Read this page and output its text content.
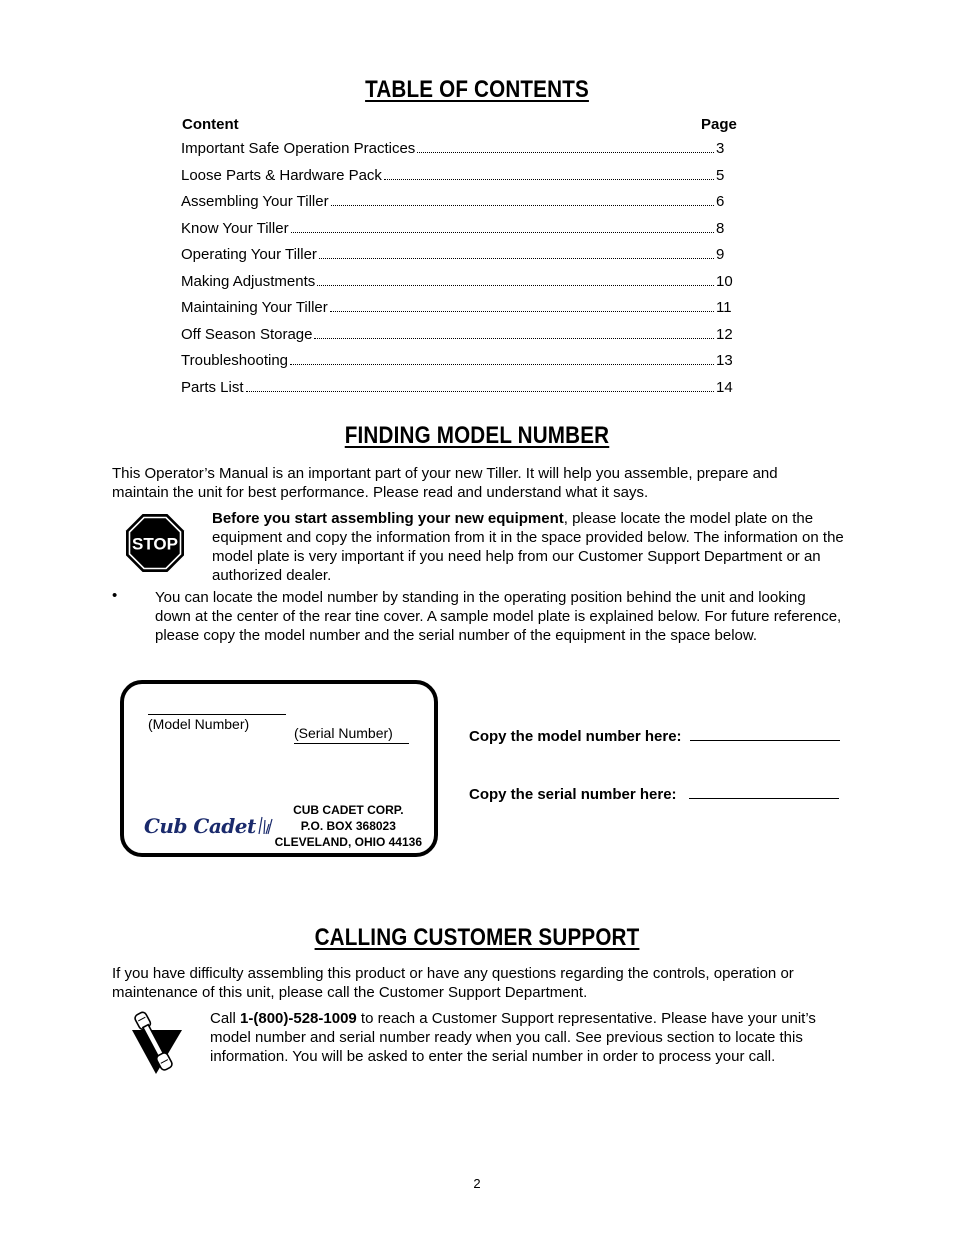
TABLE OF CONTENTS
Content	Page
Important Safe Operation Practices	3
Loose Parts & Hardware Pack	5
Assembling Your Tiller	6
Know Your Tiller	8
Operating Your Tiller	9
Making Adjustments	10
Maintaining Your Tiller	11
Off Season Storage	12
Troubleshooting	13
Parts List	14
FINDING MODEL NUMBER

This Operator’s Manual is an important part of your new Tiller. It will help you assemble, prepare and maintain the unit for best performance. Please read and understand what it says.

STOP

Before you start assembling your new equipment, please locate the model plate on the equipment and copy the information from it in the space provided below. The information on the model plate is very important if you need help from our Customer Support Department or an authorized dealer.

•	You can locate the model number by standing in the operating position behind the unit and looking down at the center of the rear tine cover. A sample model plate is explained below. For future reference, please copy the model number and the serial number of the equipment in the space below.

(Model Number)
(Serial Number)
Cub Cadet
CUB CADET CORP.
P.O. BOX 368023
CLEVELAND, OHIO 44136
Copy the model number here:
Copy the serial number here:
CALLING CUSTOMER SUPPORT

If you have difficulty assembling this product or have any questions regarding the controls, operation or maintenance of this unit, please call the Customer Support Department.

Call 1-(800)-528-1009 to reach a Customer Support representative. Please have your unit’s model number and serial number ready when you call. See previous section to locate this information. You will be asked to enter the serial number in order to process your call.

2
